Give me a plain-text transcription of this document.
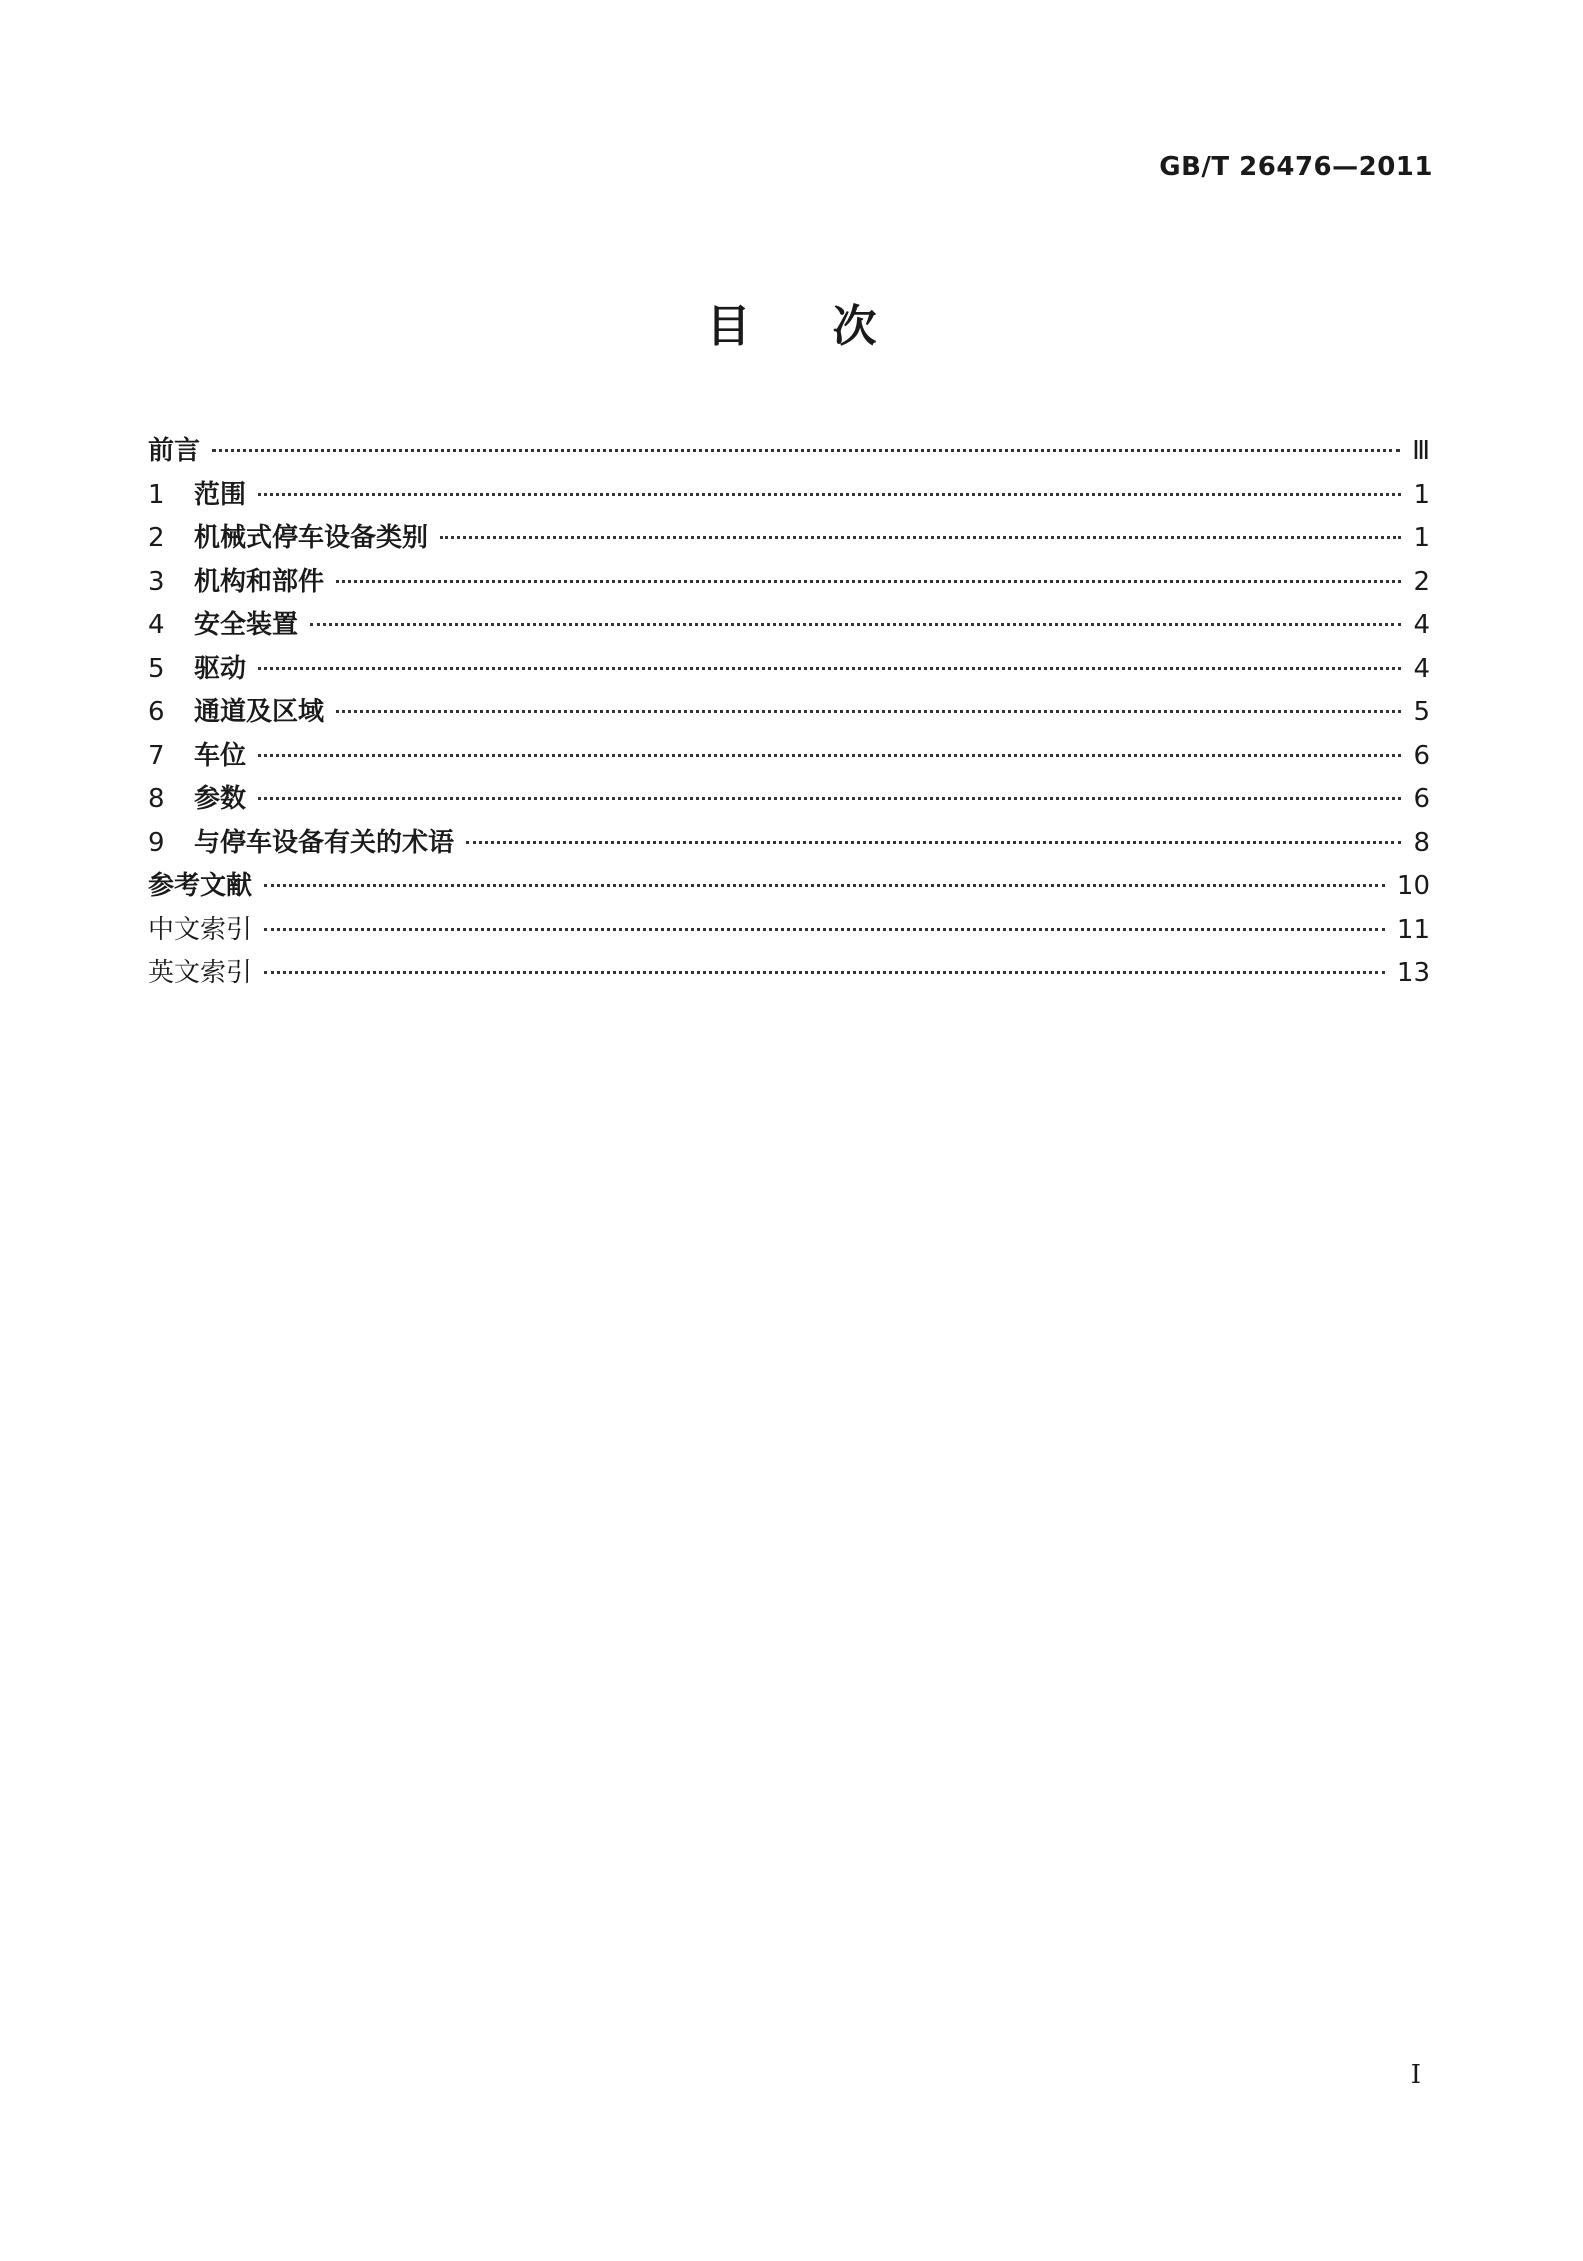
GB/T 26476—2011
目次
前言	Ⅲ
1	范围	1
2	机械式停车设备类别	1
3	机构和部件	2
4	安全装置	4
5	驱动	4
6	通道及区域	5
7	车位	6
8	参数	6
9	与停车设备有关的术语	8
参考文献	10
中文索引	11
英文索引	13
I
